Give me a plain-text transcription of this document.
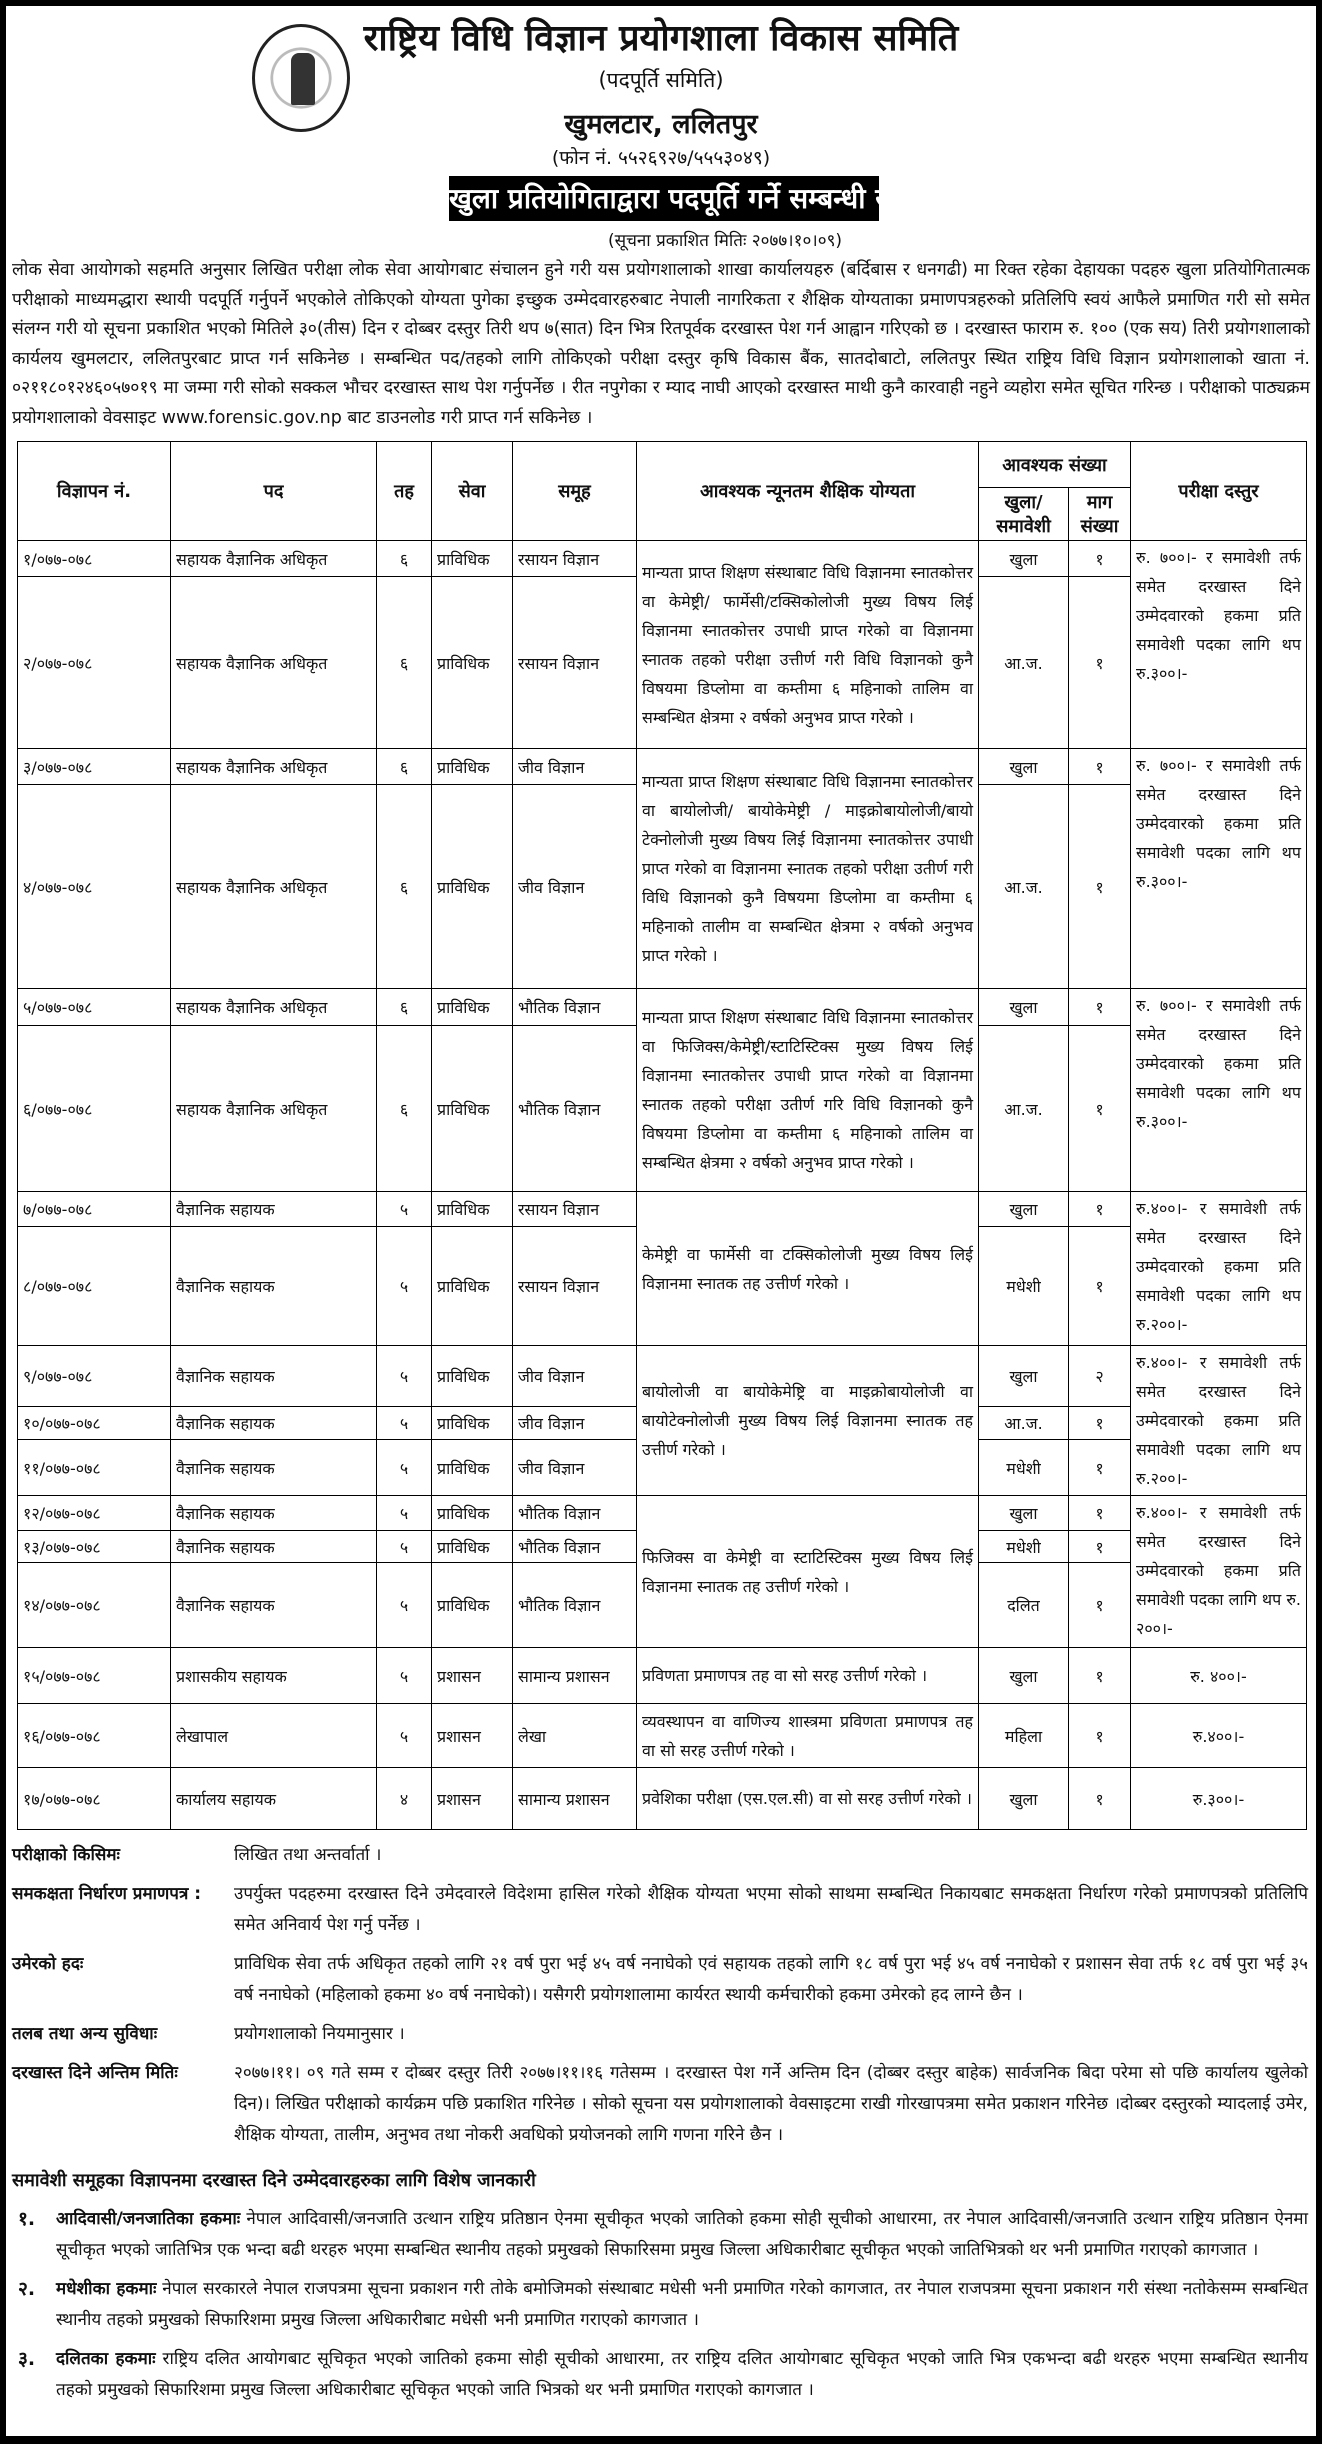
राष्ट्रिय विधि विज्ञान प्रयोगशाला विकास समिति
(पदपूर्ति समिति)
खुमलटार, ललितपुर
(फोन नं. ५५२६९२७/५५५३०४९)
खुला प्रतियोगिताद्वारा पदपूर्ति गर्ने सम्बन्धी सूचना
(सूचना प्रकाशित मितिः २०७७।१०।०९)
लोक सेवा आयोगको सहमति अनुसार लिखित परीक्षा लोक सेवा आयोगबाट संचालन हुने गरी यस प्रयोगशालाको शाखा कार्यालयहरु (बर्दिबास र धनगढी) मा रिक्त रहेका देहायका पदहरु खुला प्रतियोगितात्मक परीक्षाको माध्यमद्धारा स्थायी पदपूर्ति गर्नुपर्ने भएकोले तोकिएको योग्यता पुगेका इच्छुक उम्मेदवारहरुबाट नेपाली नागरिकता र शैक्षिक योग्यताका प्रमाणपत्रहरुको प्रतिलिपि स्वयं आफैले प्रमाणित गरी सो समेत संलग्न गरी यो सूचना प्रकाशित भएको मितिले ३०(तीस) दिन र दोब्बर दस्तुर तिरी थप ७(सात) दिन भित्र रितपूर्वक दरखास्त पेश गर्न आह्वान गरिएको छ । दरखास्त फाराम रु. १०० (एक सय) तिरी प्रयोगशालाको कार्यलय खुमलटार, ललितपुरबाट प्राप्त गर्न सकिनेछ । सम्बन्धित पद/तहको लागि तोकिएको परीक्षा दस्तुर कृषि विकास बैंक, सातदोबाटो, ललितपुर स्थित राष्ट्रिय विधि विज्ञान प्रयोगशालाको खाता नं. ०२११८०१२४६०५७०१९ मा जम्मा गरी सोको सक्कल भौचर दरखास्त साथ पेश गर्नुपर्नेछ । रीत नपुगेका र म्याद नाघी आएको दरखास्त माथी कुनै कारवाही नहुने व्यहोरा समेत सूचित गरिन्छ । परीक्षाको पाठ्यक्रम प्रयोगशालाको वेवसाइट www.forensic.gov.np बाट डाउनलोड गरी प्राप्त गर्न सकिनेछ ।
विज्ञापन नं.	पद	तह	सेवा	समूह	आवश्यक न्यूनतम शैक्षिक योग्यता	आवश्यक संख्या		परीक्षा दस्तुर
						खुला/ समावेशी	माग संख्या	
१/०७७-०७८	सहायक वैज्ञानिक अधिकृत	६	प्राविधिक	रसायन विज्ञान	मान्यता प्राप्त शिक्षण संस्थाबाट विधि विज्ञानमा स्नातकोत्तर वा केमेष्ट्री/ फार्मेसी/टक्सिकोलोजी मुख्य विषय लिई विज्ञानमा स्नातकोत्तर उपाधी प्राप्त गरेको वा विज्ञानमा स्नातक तहको परीक्षा उत्तीर्ण गरी विधि विज्ञानको कुनै विषयमा डिप्लोमा वा कम्तीमा ६ महिनाको तालिम वा सम्बन्धित क्षेत्रमा २ वर्षको अनुभव प्राप्त गरेको ।	खुला	१	रु. ७००।- र समावेशी तर्फ समेत दरखास्त दिने उम्मेदवारको हकमा प्रति समावेशी पदका लागि थप रु.३००।-
२/०७७-०७८	सहायक वैज्ञानिक अधिकृत	६	प्राविधिक	रसायन विज्ञान		आ.ज.	१	
३/०७७-०७८	सहायक वैज्ञानिक अधिकृत	६	प्राविधिक	जीव विज्ञान	मान्यता प्राप्त शिक्षण संस्थाबाट विधि विज्ञानमा स्नातकोत्तर वा बायोलोजी/ बायोकेमेष्ट्री / माइक्रोबायोलोजी/बायो टेक्नोलोजी मुख्य विषय लिई विज्ञानमा स्नातकोत्तर उपाधी प्राप्त गरेको वा विज्ञानमा स्नातक तहको परीक्षा उतीर्ण गरी विधि विज्ञानको कुनै विषयमा डिप्लोमा वा कम्तीमा ६ महिनाको तालीम वा सम्बन्धित क्षेत्रमा २ वर्षको अनुभव प्राप्त गरेको ।	खुला	१	रु. ७००।- र समावेशी तर्फ समेत दरखास्त दिने उम्मेदवारको हकमा प्रति समावेशी पदका लागि थप रु.३००।-
४/०७७-०७८	सहायक वैज्ञानिक अधिकृत	६	प्राविधिक	जीव विज्ञान		आ.ज.	१	
५/०७७-०७८	सहायक वैज्ञानिक अधिकृत	६	प्राविधिक	भौतिक विज्ञान	मान्यता प्राप्त शिक्षण संस्थाबाट विधि विज्ञानमा स्नातकोत्तर वा फिजिक्स/केमेष्ट्री/स्टाटिस्टिक्स मुख्य विषय लिई विज्ञानमा स्नातकोत्तर उपाधी प्राप्त गरेको वा विज्ञानमा स्नातक तहको परीक्षा उतीर्ण गरि विधि विज्ञानको कुनै विषयमा डिप्लोमा वा कम्तीमा ६ महिनाको तालिम वा सम्बन्धित क्षेत्रमा २ वर्षको अनुभव प्राप्त गरेको ।	खुला	१	रु. ७००।- र समावेशी तर्फ समेत दरखास्त दिने उम्मेदवारको हकमा प्रति समावेशी पदका लागि थप रु.३००।-
६/०७७-०७८	सहायक वैज्ञानिक अधिकृत	६	प्राविधिक	भौतिक विज्ञान		आ.ज.	१	
७/०७७-०७८	वैज्ञानिक सहायक	५	प्राविधिक	रसायन विज्ञान	केमेष्ट्री वा फार्मेसी वा टक्सिकोलोजी मुख्य विषय लिई विज्ञानमा स्नातक तह उत्तीर्ण गरेको ।	खुला	१	रु.४००।- र समावेशी तर्फ समेत दरखास्त दिने उम्मेदवारको हकमा प्रति समावेशी पदका लागि थप रु.२००।-
८/०७७-०७८	वैज्ञानिक सहायक	५	प्राविधिक	रसायन विज्ञान		मधेशी	१	
९/०७७-०७८	वैज्ञानिक सहायक	५	प्राविधिक	जीव विज्ञान	बायोलोजी वा बायोकेमेष्ट्रि वा माइक्रोबायोलोजी वा बायोटेक्नोलोजी मुख्य विषय लिई विज्ञानमा स्नातक तह उत्तीर्ण गरेको ।	खुला	२	रु.४००।- र समावेशी तर्फ समेत दरखास्त दिने उम्मेदवारको हकमा प्रति समावेशी पदका लागि थप रु.२००।-
१०/०७७-०७८	वैज्ञानिक सहायक	५	प्राविधिक	जीव विज्ञान		आ.ज.	१	
११/०७७-०७८	वैज्ञानिक सहायक	५	प्राविधिक	जीव विज्ञान		मधेशी	१	
१२/०७७-०७८	वैज्ञानिक सहायक	५	प्राविधिक	भौतिक विज्ञान	फिजिक्स वा केमेष्ट्री वा स्टाटिस्टिक्स मुख्य विषय लिई विज्ञानमा स्नातक तह उत्तीर्ण गरेको ।	खुला	१	रु.४००।- र समावेशी तर्फ समेत दरखास्त दिने उम्मेदवारको हकमा प्रति समावेशी पदका लागि थप रु. २००।-
१३/०७७-०७८	वैज्ञानिक सहायक	५	प्राविधिक	भौतिक विज्ञान		मधेशी	१	
१४/०७७-०७८	वैज्ञानिक सहायक	५	प्राविधिक	भौतिक विज्ञान		दलित	१	
१५/०७७-०७८	प्रशासकीय सहायक	५	प्रशासन	सामान्य प्रशासन	प्रविणता प्रमाणपत्र तह वा सो सरह उत्तीर्ण गरेको ।	खुला	१	रु. ४००।-
१६/०७७-०७८	लेखापाल	५	प्रशासन	लेखा	व्यवस्थापन वा वाणिज्य शास्त्रमा प्रविणता प्रमाणपत्र तह वा सो सरह उत्तीर्ण गरेको ।	महिला	१	रु.४००।-
१७/०७७-०७८	कार्यालय सहायक	४	प्रशासन	सामान्य प्रशासन	प्रवेशिका परीक्षा (एस.एल.सी) वा सो सरह उत्तीर्ण गरेको ।	खुला	१	रु.३००।-
परीक्षाको किसिमः	लिखित तथा अन्तर्वार्ता ।
समकक्षता निर्धारण प्रमाणपत्र :	उपर्युक्त पदहरुमा दरखास्त दिने उमेदवारले विदेशमा हासिल गरेको शैक्षिक योग्यता भएमा सोको साथमा सम्बन्धित निकायबाट समकक्षता निर्धारण गरेको प्रमाणपत्रको प्रतिलिपि समेत अनिवार्य पेश गर्नु पर्नेछ ।
उमेरको हदः	प्राविधिक सेवा तर्फ अधिकृत तहको लागि २१ वर्ष पुरा भई ४५ वर्ष ननाघेको एवं सहायक तहको लागि १८ वर्ष पुरा भई ४५ वर्ष ननाघेको र प्रशासन सेवा तर्फ १८ वर्ष पुरा भई ३५ वर्ष ननाघेको (महिलाको हकमा ४० वर्ष ननाघेको)। यसैगरी प्रयोगशालामा कार्यरत स्थायी कर्मचारीको हकमा उमेरको हद लाग्ने छैन ।
तलब तथा अन्य सुविधाः	प्रयोगशालाको नियमानुसार ।
दरखास्त दिने अन्तिम मितिः	२०७७।११। ०९ गते सम्म र दोब्बर दस्तुर तिरी २०७७।११।१६ गतेसम्म । दरखास्त पेश गर्ने अन्तिम दिन (दोब्बर दस्तुर बाहेक) सार्वजनिक बिदा परेमा सो पछि कार्यालय खुलेको दिन)। लिखित परीक्षाको कार्यक्रम पछि प्रकाशित गरिनेछ । सोको सूचना यस प्रयोगशालाको वेवसाइटमा राखी गोरखापत्रमा समेत प्रकाशन गरिनेछ ।दोब्बर दस्तुरको म्यादलाई उमेर, शैक्षिक योग्यता, तालीम, अनुभव तथा नोकरी अवधिको प्रयोजनको लागि गणना गरिने छैन ।
समावेशी समूहका विज्ञापनमा दरखास्त दिने उम्मेदवारहरुका लागि विशेष जानकारी
१.	आदिवासी/जनजातिका हकमाः नेपाल आदिवासी/जनजाति उत्थान राष्ट्रिय प्रतिष्ठान ऐनमा सूचीकृत भएको जातिको हकमा सोही सूचीको आधारमा, तर नेपाल आदिवासी/जनजाति उत्थान राष्ट्रिय प्रतिष्ठान ऐनमा सूचीकृत भएको जातिभित्र एक भन्दा बढी थरहरु भएमा सम्बन्धित स्थानीय तहको प्रमुखको सिफारिसमा प्रमुख जिल्ला अधिकारीबाट सूचीकृत भएको जातिभित्रको थर भनी प्रमाणित गराएको कागजात ।
२.	मधेशीका हकमाः नेपाल सरकारले नेपाल राजपत्रमा सूचना प्रकाशन गरी तोके बमोजिमको संस्थाबाट मधेसी भनी प्रमाणित गरेको कागजात, तर नेपाल राजपत्रमा सूचना प्रकाशन गरी संस्था नतोकेसम्म सम्बन्धित स्थानीय तहको प्रमुखको सिफारिशमा प्रमुख जिल्ला अधिकारीबाट मधेसी भनी प्रमाणित गराएको कागजात ।
३.	दलितका हकमाः राष्ट्रिय दलित आयोगबाट सूचिकृत भएको जातिको हकमा सोही सूचीको आधारमा, तर राष्ट्रिय दलित आयोगबाट सूचिकृत भएको जाति भित्र एकभन्दा बढी थरहरु भएमा सम्बन्धित स्थानीय तहको प्रमुखको सिफारिशमा प्रमुख जिल्ला अधिकारीबाट सूचिकृत भएको जाति भित्रको थर भनी प्रमाणित गराएको कागजात ।
